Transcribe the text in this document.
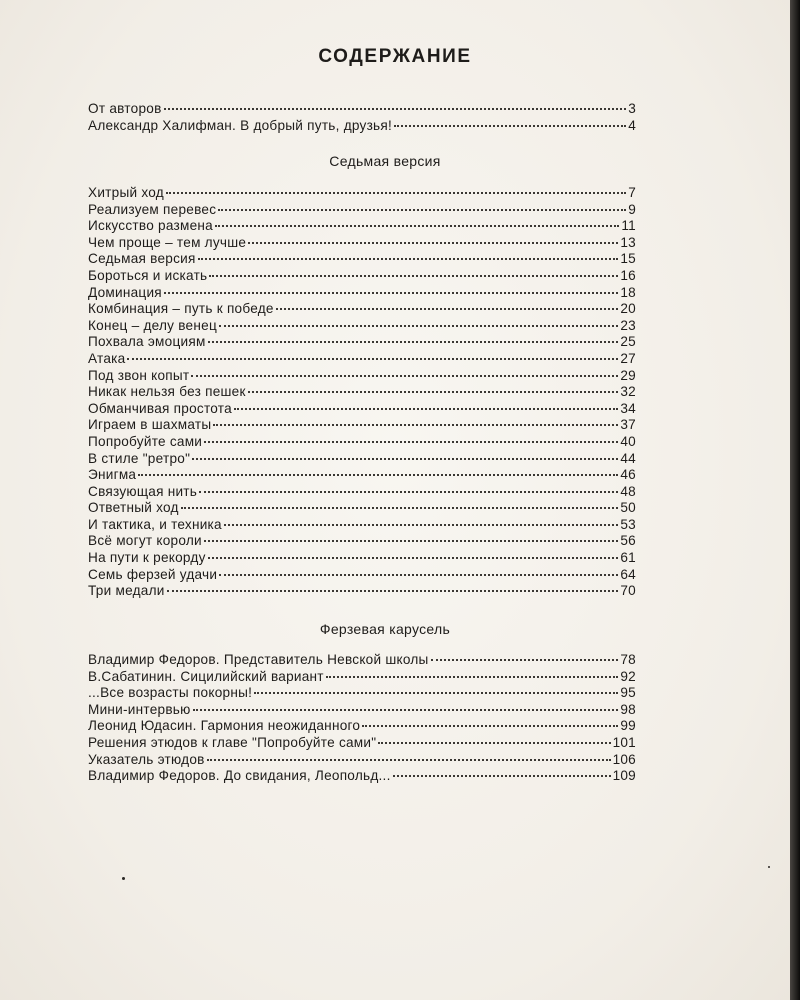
СОДЕРЖАНИЕ
От авторов	3
Александр Халифман. В добрый путь, друзья!	4
Седьмая версия
Хитрый ход	7
Реализуем перевес	9
Искусство размена	11
Чем проще – тем лучше	13
Седьмая версия	15
Бороться и искать	16
Доминация	18
Комбинация – путь к победе	20
Конец – делу венец	23
Похвала эмоциям	25
Атака	27
Под звон копыт	29
Никак нельзя без пешек	32
Обманчивая простота	34
Играем в шахматы	37
Попробуйте сами	40
В стиле "ретро"	44
Энигма	46
Связующая нить	48
Ответный ход	50
И тактика, и техника	53
Всё могут короли	56
На пути к рекорду	61
Семь ферзей удачи	64
Три медали	70
Ферзевая карусель
Владимир Федоров. Представитель Невской школы	78
В.Сабатинин. Сицилийский вариант	92
...Все возрасты покорны!	95
Мини-интервью	98
Леонид Юдасин. Гармония неожиданного	99
Решения этюдов к главе "Попробуйте сами"	101
Указатель этюдов	106
Владимир Федоров. До свидания, Леопольд...	109
